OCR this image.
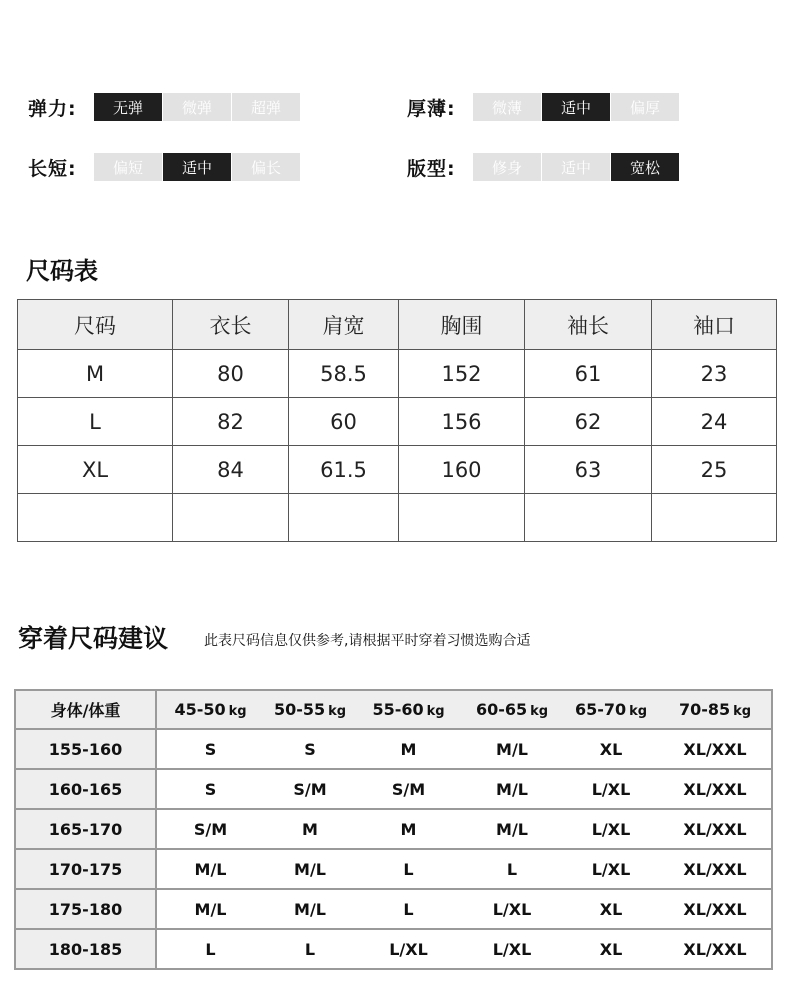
弹力:	无弹	微弹	超弹	厚薄:	微薄	适中	偏厚
长短:	偏短	适中	偏长	版型:	修身	适中	宽松
尺码表
尺码	衣长	肩宽	胸围	袖长	袖口
M	80	58.5	152	61	23
L	82	60	156	62	24
XL	84	61.5	160	63	25

穿着尺码建议	此表尺码信息仅供参考,请根据平时穿着习惯选购合适
身体/体重	45-50 kg	50-55 kg	55-60 kg	60-65 kg	65-70 kg	70-85 kg
155-160	S	S	M	M/L	XL	XL/XXL
160-165	S	S/M	S/M	M/L	L/XL	XL/XXL
165-170	S/M	M	M	M/L	L/XL	XL/XXL
170-175	M/L	M/L	L	L	L/XL	XL/XXL
175-180	M/L	M/L	L	L/XL	XL	XL/XXL
180-185	L	L	L/XL	L/XL	XL	XL/XXL
